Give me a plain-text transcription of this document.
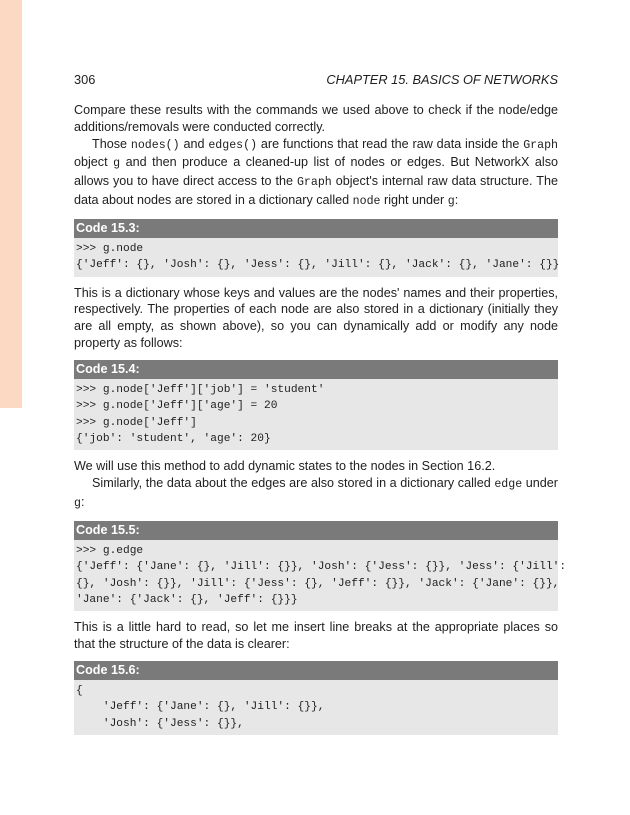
306	CHAPTER 15. BASICS OF NETWORKS

Compare these results with the commands we used above to check if the node/edge additions/removals were conducted correctly.

Those nodes() and edges() are functions that read the raw data inside the Graph object g and then produce a cleaned-up list of nodes or edges. But NetworkX also allows you to have direct access to the Graph object's internal raw data structure. The data about nodes are stored in a dictionary called node right under g:

Code 15.3:
>>> g.node
{'Jeff': {}, 'Josh': {}, 'Jess': {}, 'Jill': {}, 'Jack': {}, 'Jane': {}}

This is a dictionary whose keys and values are the nodes' names and their properties, respectively. The properties of each node are also stored in a dictionary (initially they are all empty, as shown above), so you can dynamically add or modify any node property as follows:

Code 15.4:
>>> g.node['Jeff']['job'] = 'student'
>>> g.node['Jeff']['age'] = 20
>>> g.node['Jeff']
{'job': 'student', 'age': 20}

We will use this method to add dynamic states to the nodes in Section 16.2.

Similarly, the data about the edges are also stored in a dictionary called edge under g:

Code 15.5:
>>> g.edge
{'Jeff': {'Jane': {}, 'Jill': {}}, 'Josh': {'Jess': {}}, 'Jess': {'Jill':
{}, 'Josh': {}}, 'Jill': {'Jess': {}, 'Jeff': {}}, 'Jack': {'Jane': {}},
'Jane': {'Jack': {}, 'Jeff': {}}}

This is a little hard to read, so let me insert line breaks at the appropriate places so that the structure of the data is clearer:

Code 15.6:
{
'Jeff': {'Jane': {}, 'Jill': {}},
'Josh': {'Jess': {}},
